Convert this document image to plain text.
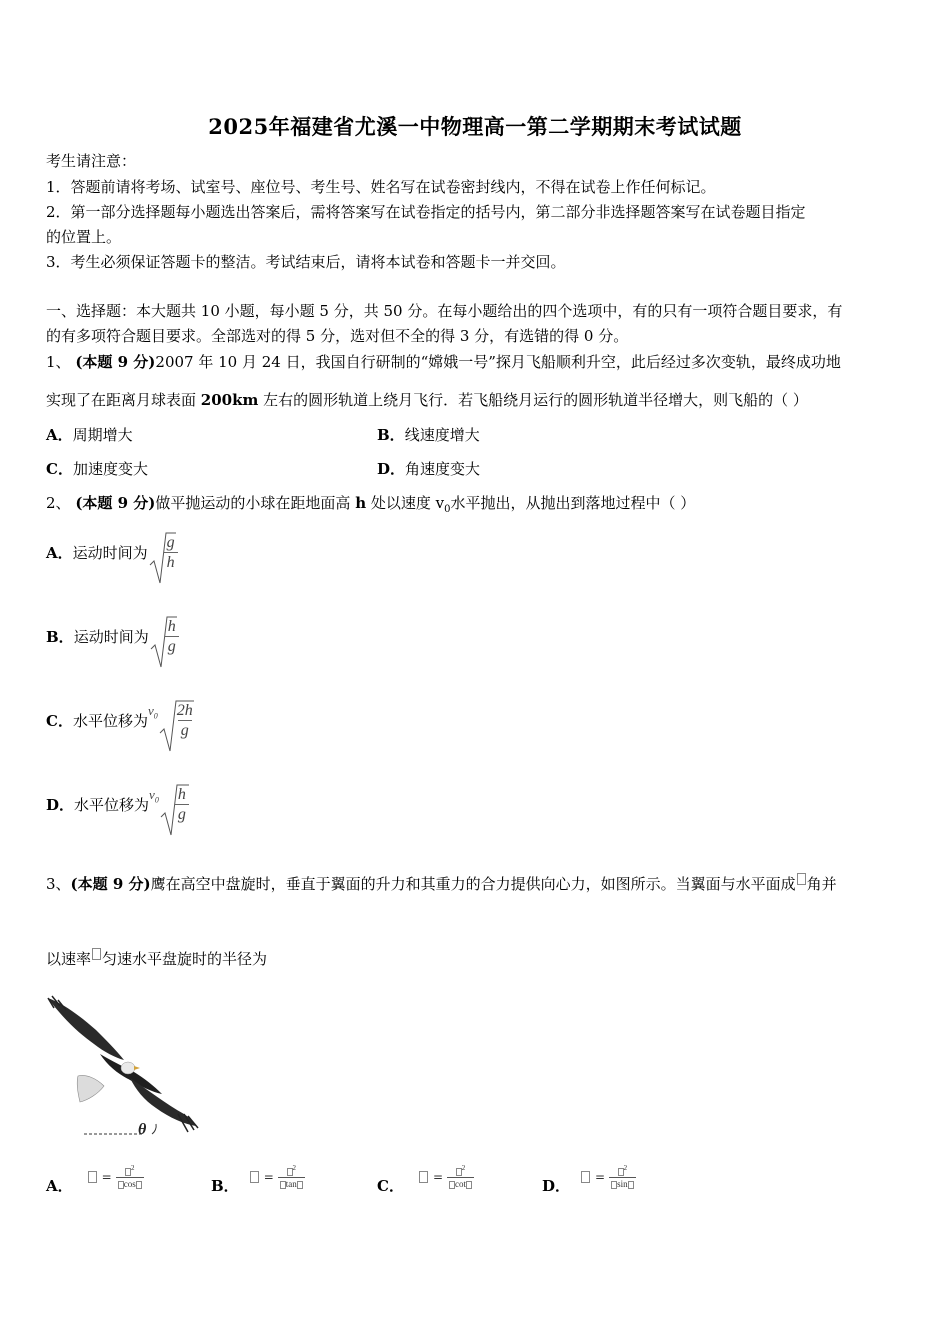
2025年福建省尤溪一中物理高一第二学期期末考试试题
考生请注意：
1．答题前请将考场、试室号、座位号、考生号、姓名写在试卷密封线内，不得在试卷上作任何标记。
2．第一部分选择题每小题选出答案后，需将答案写在试卷指定的括号内，第二部分非选择题答案写在试卷题目指定
的位置上。
3．考生必须保证答题卡的整洁。考试结束后，请将本试卷和答题卡一并交回。
一、选择题：本大题共 10 小题，每小题 5 分，共 50 分。在每小题给出的四个选项中，有的只有一项符合题目要求，有
的有多项符合题目要求。全部选对的得 5 分，选对但不全的得 3 分，有选错的得 0 分。
1、 (本题 9 分)2007 年 10 月 24 日，我国自行研制的“嫦娥一号”探月飞船顺利升空，此后经过多次变轨，最终成功地
实现了在距离月球表面 200km 左右的圆形轨道上绕月飞行．若飞船绕月运行的圆形轨道半径增大，则飞船的（ ）
A．周期增大	B．线速度增大
C．加速度变大	D．角速度变大
2、 (本题 9 分)做平抛运动的小球在距地面高 h 处以速度 $v_0$水平抛出，从抛出到落地过程中（ ）
A． 运动时间为 $\frac{g}{h}$
B． 运动时间为 $\frac{h}{g}$
C． 水平位移为
$v_0 \frac{2h}{g}$
D． 水平位移为
$v_0 \frac{h}{g}$
3、(本题 9 分)鹰在高空中盘旋时，垂直于翼面的升力和其重力的合力提供向心力，如图所示。当翼面与水平面成 角并
以速率 匀速水平盘旋时的半径为
θ
A．
= $\frac{^2}{\cos}$	B．
= $\frac{^2}{\tan}$	C．
= $\frac{^2}{\cot}$	D．
= $\frac{^2}{\sin}$
